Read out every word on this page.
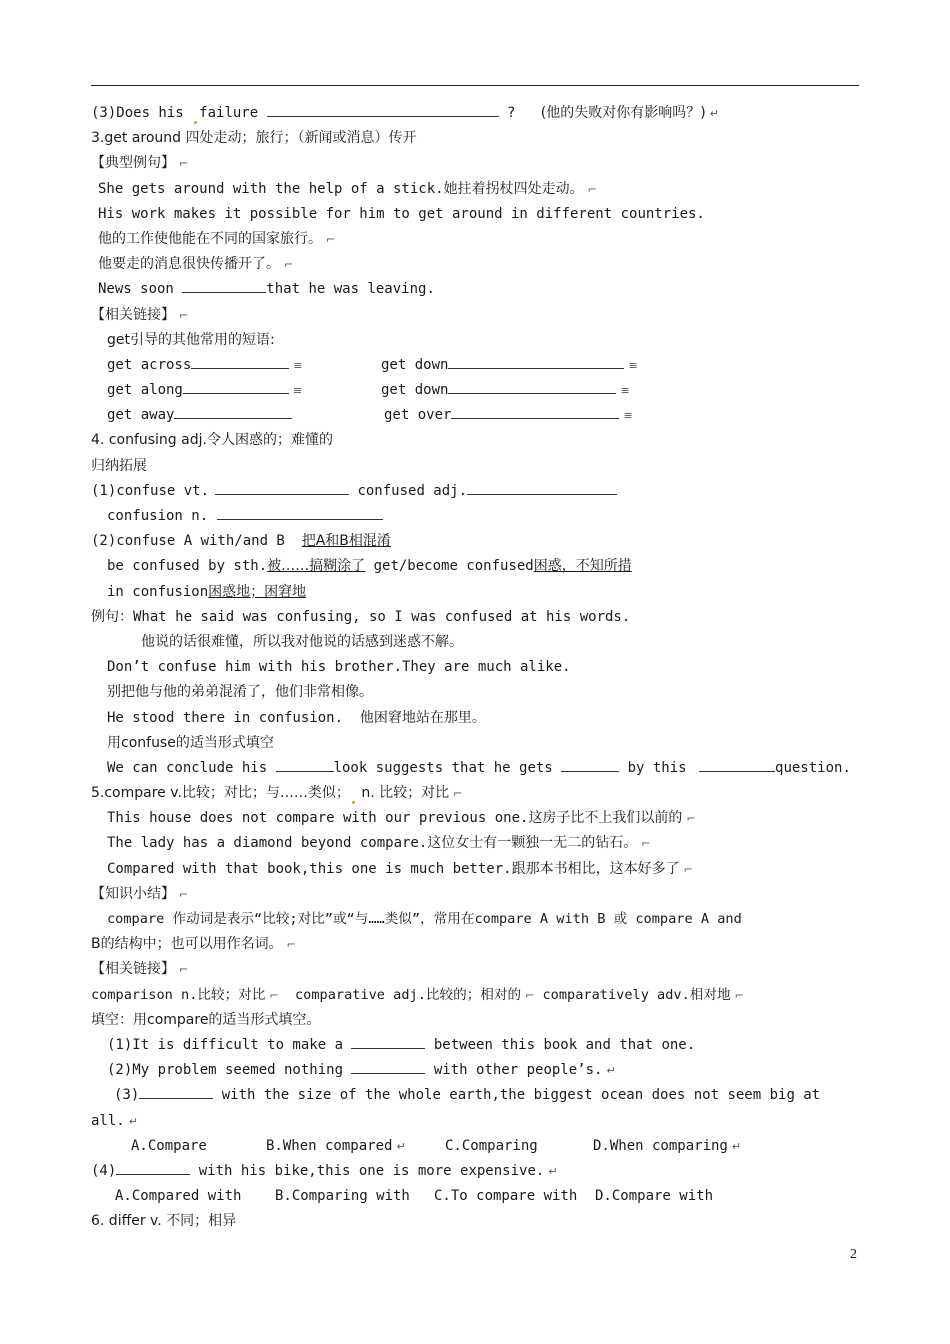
(3)Does his failure	? (他的失败对你有影响吗？) ↵
3.get around 四处走动；旅行；（新闻或消息）传开
【典型例句】 ⌐
She gets around with the help of a stick.她拄着拐杖四处走动。 ⌐
His work makes it possible for him to get around in different countries.
他的工作使他能在不同的国家旅行。 ⌐
他要走的消息很快传播开了。 ⌐
News soon	that he was leaving.
【相关链接】 ⌐
get引导的其他常用的短语:
get across	≡	get down	≡
get along	≡	get down	≡
get away	get over	≡
4. confusing adj.令人困惑的；难懂的
归纳拓展
(1)confuse vt.	confused adj.
confusion n.
(2)confuse A with/and B  把A和B相混淆
be confused by sth.被……搞糊涂了 get/become confused困惑，不知所措
in confusion困惑地；困窘地
例句：What he said was confusing, so I was confused at his words.
他说的话很难懂，所以我对他说的话感到迷惑不解。
Don’t confuse him with his brother.They are much alike.
别把他与他的弟弟混淆了，他们非常相像。
He stood there in confusion.  他困窘地站在那里。
用confuse的适当形式填空
We can conclude his	look suggests that he gets	by this	question.
5.compare v.比较；对比；与……类似； n. 比较；对比 ⌐
This house does not compare with our previous one.这房子比不上我们以前的 ⌐
The lady has a diamond beyond compare.这位女士有一颗独一无二的钻石。 ⌐
Compared with that book,this one is much better.跟那本书相比，这本好多了 ⌐
【知识小结】 ⌐
compare 作动词是表示“比较;对比”或“与……类似”，常用在compare A with B 或 compare A and
B的结构中；也可以用作名词。 ⌐
【相关链接】 ⌐
comparison n.比较；对比 ⌐ comparative adj.比较的；相对的 ⌐ comparatively adv.相对地 ⌐
填空：用compare的适当形式填空。
(1)It is difficult to make a	between this book and that one.
(2)My problem seemed nothing	with other people’s. ↵
(3)	with the size of the whole earth,the biggest ocean does not seem big at
all. ↵
A.Compare	B.When compared ↵	C.Comparing	D.When comparing ↵
(4)	with his bike,this one is more expensive. ↵
A.Compared with B.Comparing with C.To compare with D.Compare with
6. differ v. 不同；相异
2
